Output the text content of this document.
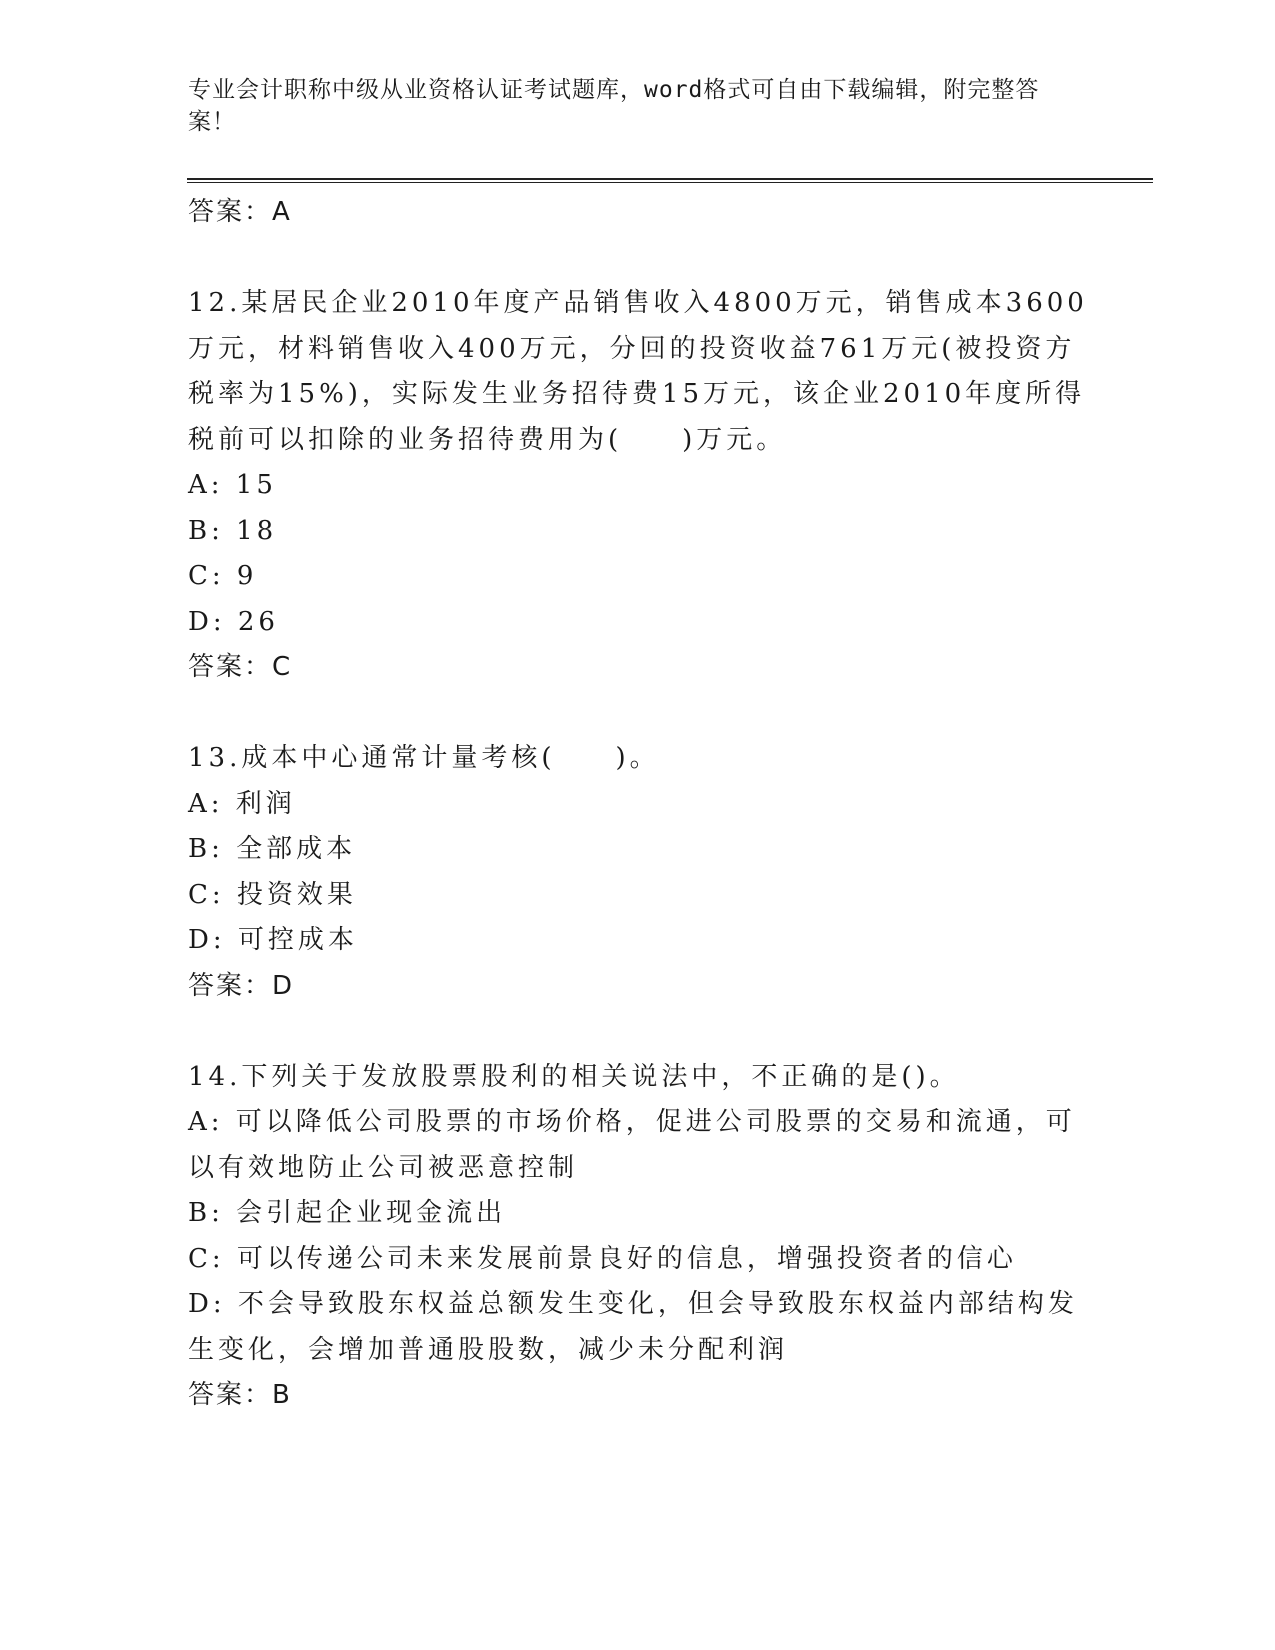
专业会计职称中级从业资格认证考试题库，word格式可自由下载编辑，附完整答案！
答案：A
12.某居民企业2010年度产品销售收入4800万元，销售成本3600万元，材料销售收入400万元，分回的投资收益761万元(被投资方税率为15%)，实际发生业务招待费15万元，该企业2010年度所得税前可以扣除的业务招待费用为(　　)万元。
A: 15
B: 18
C: 9
D: 26
答案：C
13.成本中心通常计量考核(　　)。
A: 利润
B: 全部成本
C: 投资效果
D: 可控成本
答案：D
14.下列关于发放股票股利的相关说法中，不正确的是()。
A: 可以降低公司股票的市场价格，促进公司股票的交易和流通，可以有效地防止公司被恶意控制
B: 会引起企业现金流出
C: 可以传递公司未来发展前景良好的信息，增强投资者的信心
D: 不会导致股东权益总额发生变化，但会导致股东权益内部结构发生变化，会增加普通股股数，减少未分配利润
答案：B
